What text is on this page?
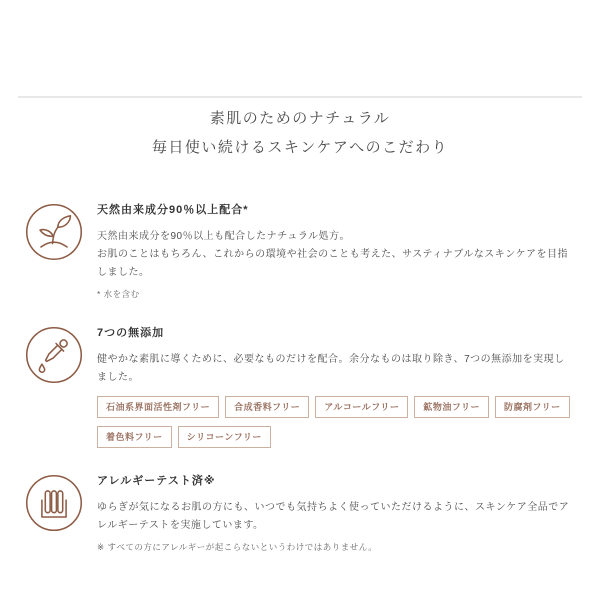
素肌のためのナチュラル
毎日使い続けるスキンケアへのこだわり
天然由来成分90％以上配合*
天然由来成分を90％以上も配合したナチュラル処方。
お肌のことはもちろん、これからの環境や社会のことも考えた、サスティナブルなスキンケアを目指しました。
* 水を含む
7つの無添加
健やかな素肌に導くために、必要なものだけを配合。余分なものは取り除き、7つの無添加を実現しました。
石油系界面活性剤フリー	合成香料フリー	アルコールフリー	鉱物油フリー	防腐剤フリー
着色料フリー	シリコーンフリー
アレルギーテスト済※
ゆらぎが気になるお肌の方にも、いつでも気持ちよく使っていただけるように、スキンケア全品でアレルギーテストを実施しています。
※ すべての方にアレルギーが起こらないというわけではありません。
